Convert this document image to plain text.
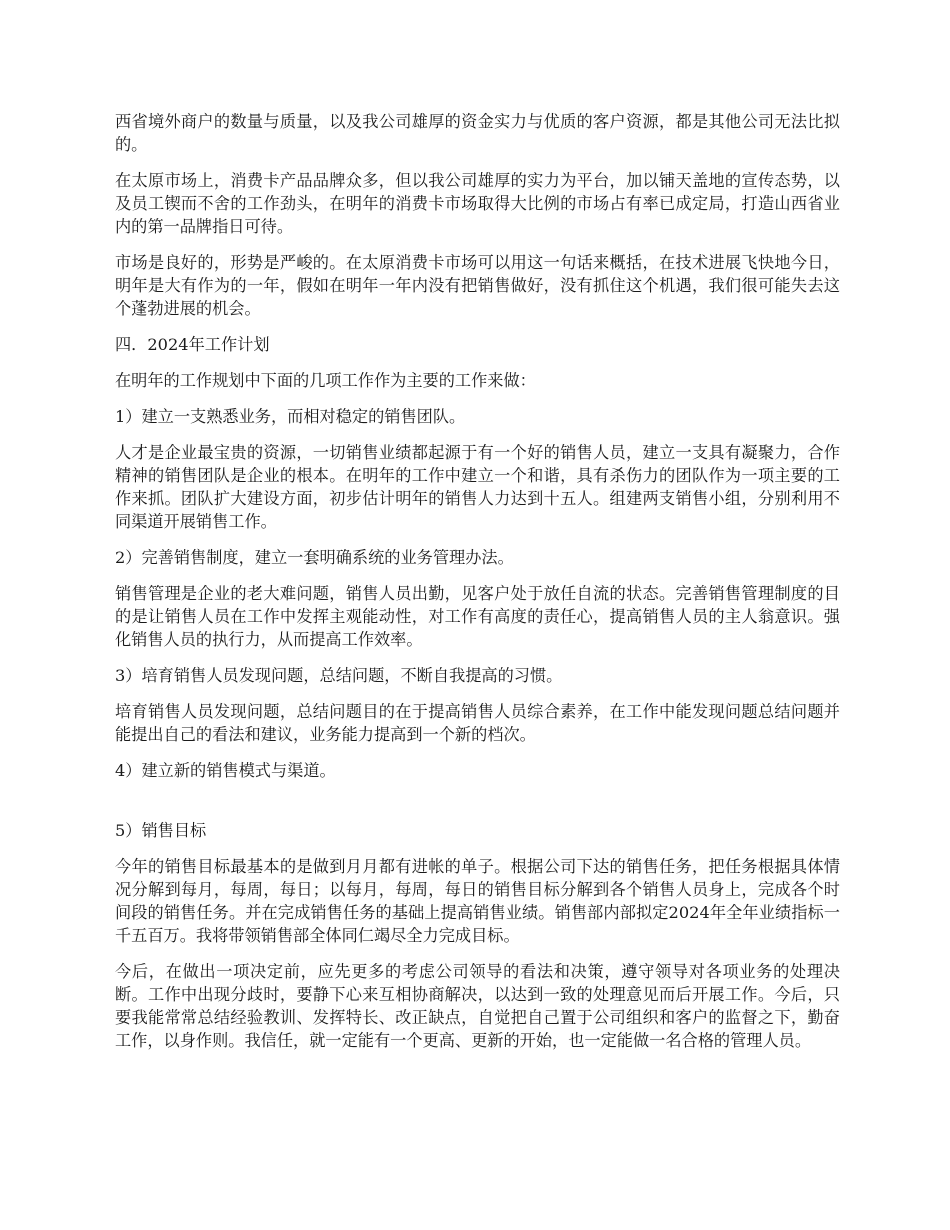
西省境外商户的数量与质量，以及我公司雄厚的资金实力与优质的客户资源，都是其他公司无法比拟的。

在太原市场上，消费卡产品品牌众多，但以我公司雄厚的实力为平台，加以铺天盖地的宣传态势，以及员工锲而不舍的工作劲头，在明年的消费卡市场取得大比例的市场占有率已成定局，打造山西省业内的第一品牌指日可待。

市场是良好的，形势是严峻的。在太原消费卡市场可以用这一句话来概括，在技术进展飞快地今日，明年是大有作为的一年，假如在明年一年内没有把销售做好，没有抓住这个机遇，我们很可能失去这个蓬勃进展的机会。

四．2024年工作计划

在明年的工作规划中下面的几项工作作为主要的工作来做：

1）建立一支熟悉业务，而相对稳定的销售团队。

人才是企业最宝贵的资源，一切销售业绩都起源于有一个好的销售人员，建立一支具有凝聚力，合作精神的销售团队是企业的根本。在明年的工作中建立一个和谐，具有杀伤力的团队作为一项主要的工作来抓。团队扩大建设方面，初步估计明年的销售人力达到十五人。组建两支销售小组，分别利用不同渠道开展销售工作。

2）完善销售制度，建立一套明确系统的业务管理办法。

销售管理是企业的老大难问题，销售人员出勤，见客户处于放任自流的状态。完善销售管理制度的目的是让销售人员在工作中发挥主观能动性，对工作有高度的责任心，提高销售人员的主人翁意识。强化销售人员的执行力，从而提高工作效率。

3）培育销售人员发现问题，总结问题，不断自我提高的习惯。

培育销售人员发现问题，总结问题目的在于提高销售人员综合素养，在工作中能发现问题总结问题并能提出自己的看法和建议，业务能力提高到一个新的档次。

4）建立新的销售模式与渠道。

5）销售目标

今年的销售目标最基本的是做到月月都有进帐的单子。根据公司下达的销售任务，把任务根据具体情况分解到每月，每周，每日；以每月，每周，每日的销售目标分解到各个销售人员身上，完成各个时间段的销售任务。并在完成销售任务的基础上提高销售业绩。销售部内部拟定2024年全年业绩指标一千五百万。我将带领销售部全体同仁竭尽全力完成目标。

今后，在做出一项决定前，应先更多的考虑公司领导的看法和决策，遵守领导对各项业务的处理决断。工作中出现分歧时，要静下心来互相协商解决，以达到一致的处理意见而后开展工作。今后，只要我能常常总结经验教训、发挥特长、改正缺点，自觉把自己置于公司组织和客户的监督之下，勤奋工作，以身作则。我信任，就一定能有一个更高、更新的开始，也一定能做一名合格的管理人员。
